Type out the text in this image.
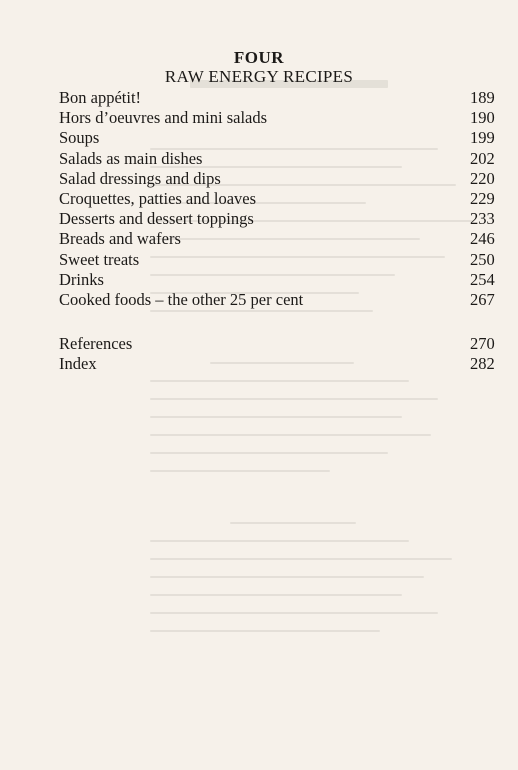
FOUR
RAW ENERGY RECIPES
Bon appétit!	189
Hors d’oeuvres and mini salads	190
Soups	199
Salads as main dishes	202
Salad dressings and dips	220
Croquettes, patties and loaves	229
Desserts and dessert toppings	233
Breads and wafers	246
Sweet treats	250
Drinks	254
Cooked foods – the other 25 per cent	267
References	270
Index	282
